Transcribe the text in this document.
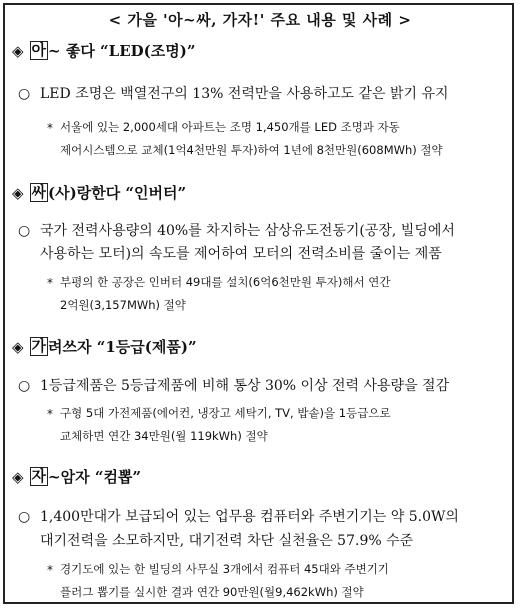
< 가을 '아~싸, 가자!' 주요 내용 및 사례 >
◈ 아 ~ 좋다 “LED(조명)”
○ LED 조명은 백열전구의 13% 전력만을 사용하고도 같은 밝기 유지
* 서울에 있는 2,000세대 아파트는 조명 1,450개를 LED 조명과 자동
제어시스템으로 교체(1억4천만원 투자)하여 1년에 8천만원(608MWh) 절약
◈ 싸 (사)랑한다 “인버터”
○ 국가 전력사용량의 40%를 차지하는 삼상유도전동기(공장, 빌딩에서
사용하는 모터)의 속도를 제어하여 모터의 전력소비를 줄이는 제품
* 부평의 한 공장은 인버터 49대를 설치(6억6천만원 투자)해서 연간
2억원(3,157MWh) 절약
◈ 가 려쓰자 “1등급(제품)”
○ 1등급제품은 5등급제품에 비해 통상 30% 이상 전력 사용량을 절감
* 구형 5대 가전제품(에어컨, 냉장고 세탁기, TV, 밥솥)을 1등급으로
교체하면 연간 34만원(월 119kWh) 절약
◈ 자 ~암자 “컴뽑”
○ 1,400만대가 보급되어 있는 업무용 컴퓨터와 주변기기는 약 5.0W의
대기전력을 소모하지만, 대기전력 차단 실천율은 57.9% 수준
* 경기도에 있는 한 빌딩의 사무실 3개에서 컴퓨터 45대와 주변기기
플러그 뽑기를 실시한 결과 연간 90만원(월9,462kWh) 절약
